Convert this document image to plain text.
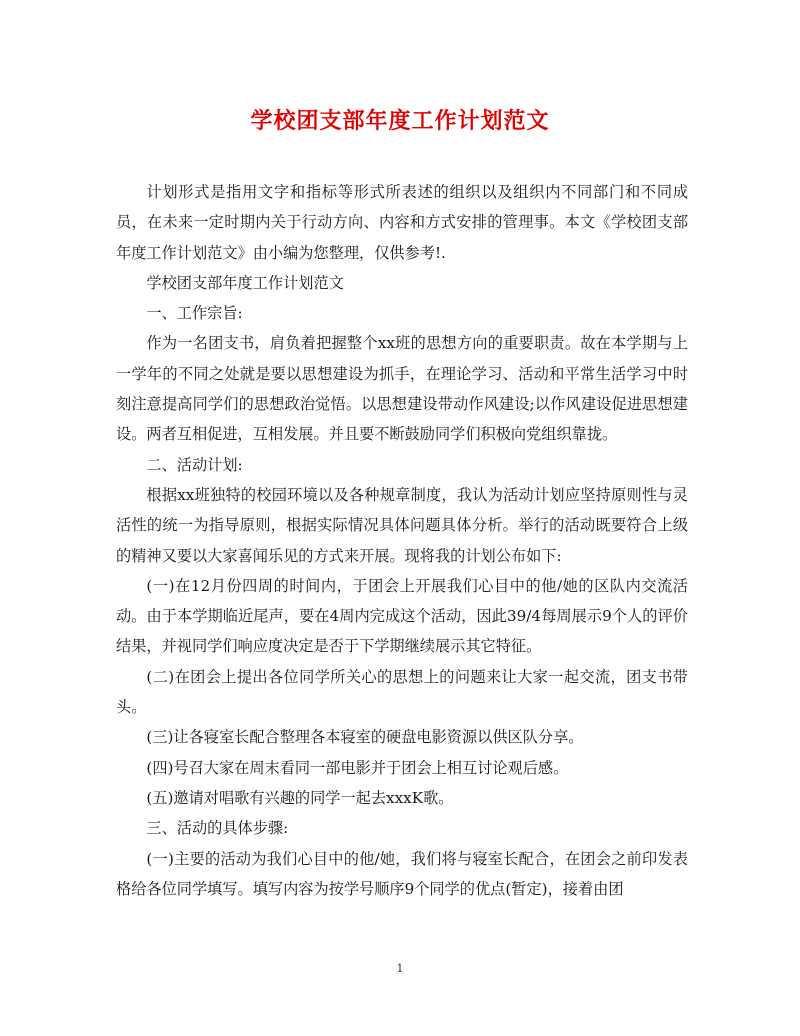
学校团支部年度工作计划范文

计划形式是指用文字和指标等形式所表述的组织以及组织内不同部门和不同成员，在未来一定时期内关于行动方向、内容和方式安排的管理事。本文《学校团支部年度工作计划范文》由小编为您整理，仅供参考!.

学校团支部年度工作计划范文

一、工作宗旨:

作为一名团支书，肩负着把握整个xx班的思想方向的重要职责。故在本学期与上一学年的不同之处就是要以思想建设为抓手，在理论学习、活动和平常生活学习中时刻注意提高同学们的思想政治觉悟。以思想建设带动作风建设;以作风建设促进思想建设。两者互相促进，互相发展。并且要不断鼓励同学们积极向党组织靠拢。

二、活动计划:

根据xx班独特的校园环境以及各种规章制度，我认为活动计划应坚持原则性与灵活性的统一为指导原则，根据实际情况具体问题具体分析。举行的活动既要符合上级的精神又要以大家喜闻乐见的方式来开展。现将我的计划公布如下:

(一)在12月份四周的时间内，于团会上开展我们心目中的他/她的区队内交流活动。由于本学期临近尾声，要在4周内完成这个活动，因此39/4每周展示9个人的评价结果，并视同学们响应度决定是否于下学期继续展示其它特征。

(二)在团会上提出各位同学所关心的思想上的问题来让大家一起交流，团支书带头。

(三)让各寝室长配合整理各本寝室的硬盘电影资源以供区队分享。

(四)号召大家在周末看同一部电影并于团会上相互讨论观后感。

(五)邀请对唱歌有兴趣的同学一起去xxxK歌。

三、活动的具体步骤:

(一)主要的活动为我们心目中的他/她，我们将与寝室长配合，在团会之前印发表格给各位同学填写。填写内容为按学号顺序9个同学的优点(暂定)，接着由团

1
